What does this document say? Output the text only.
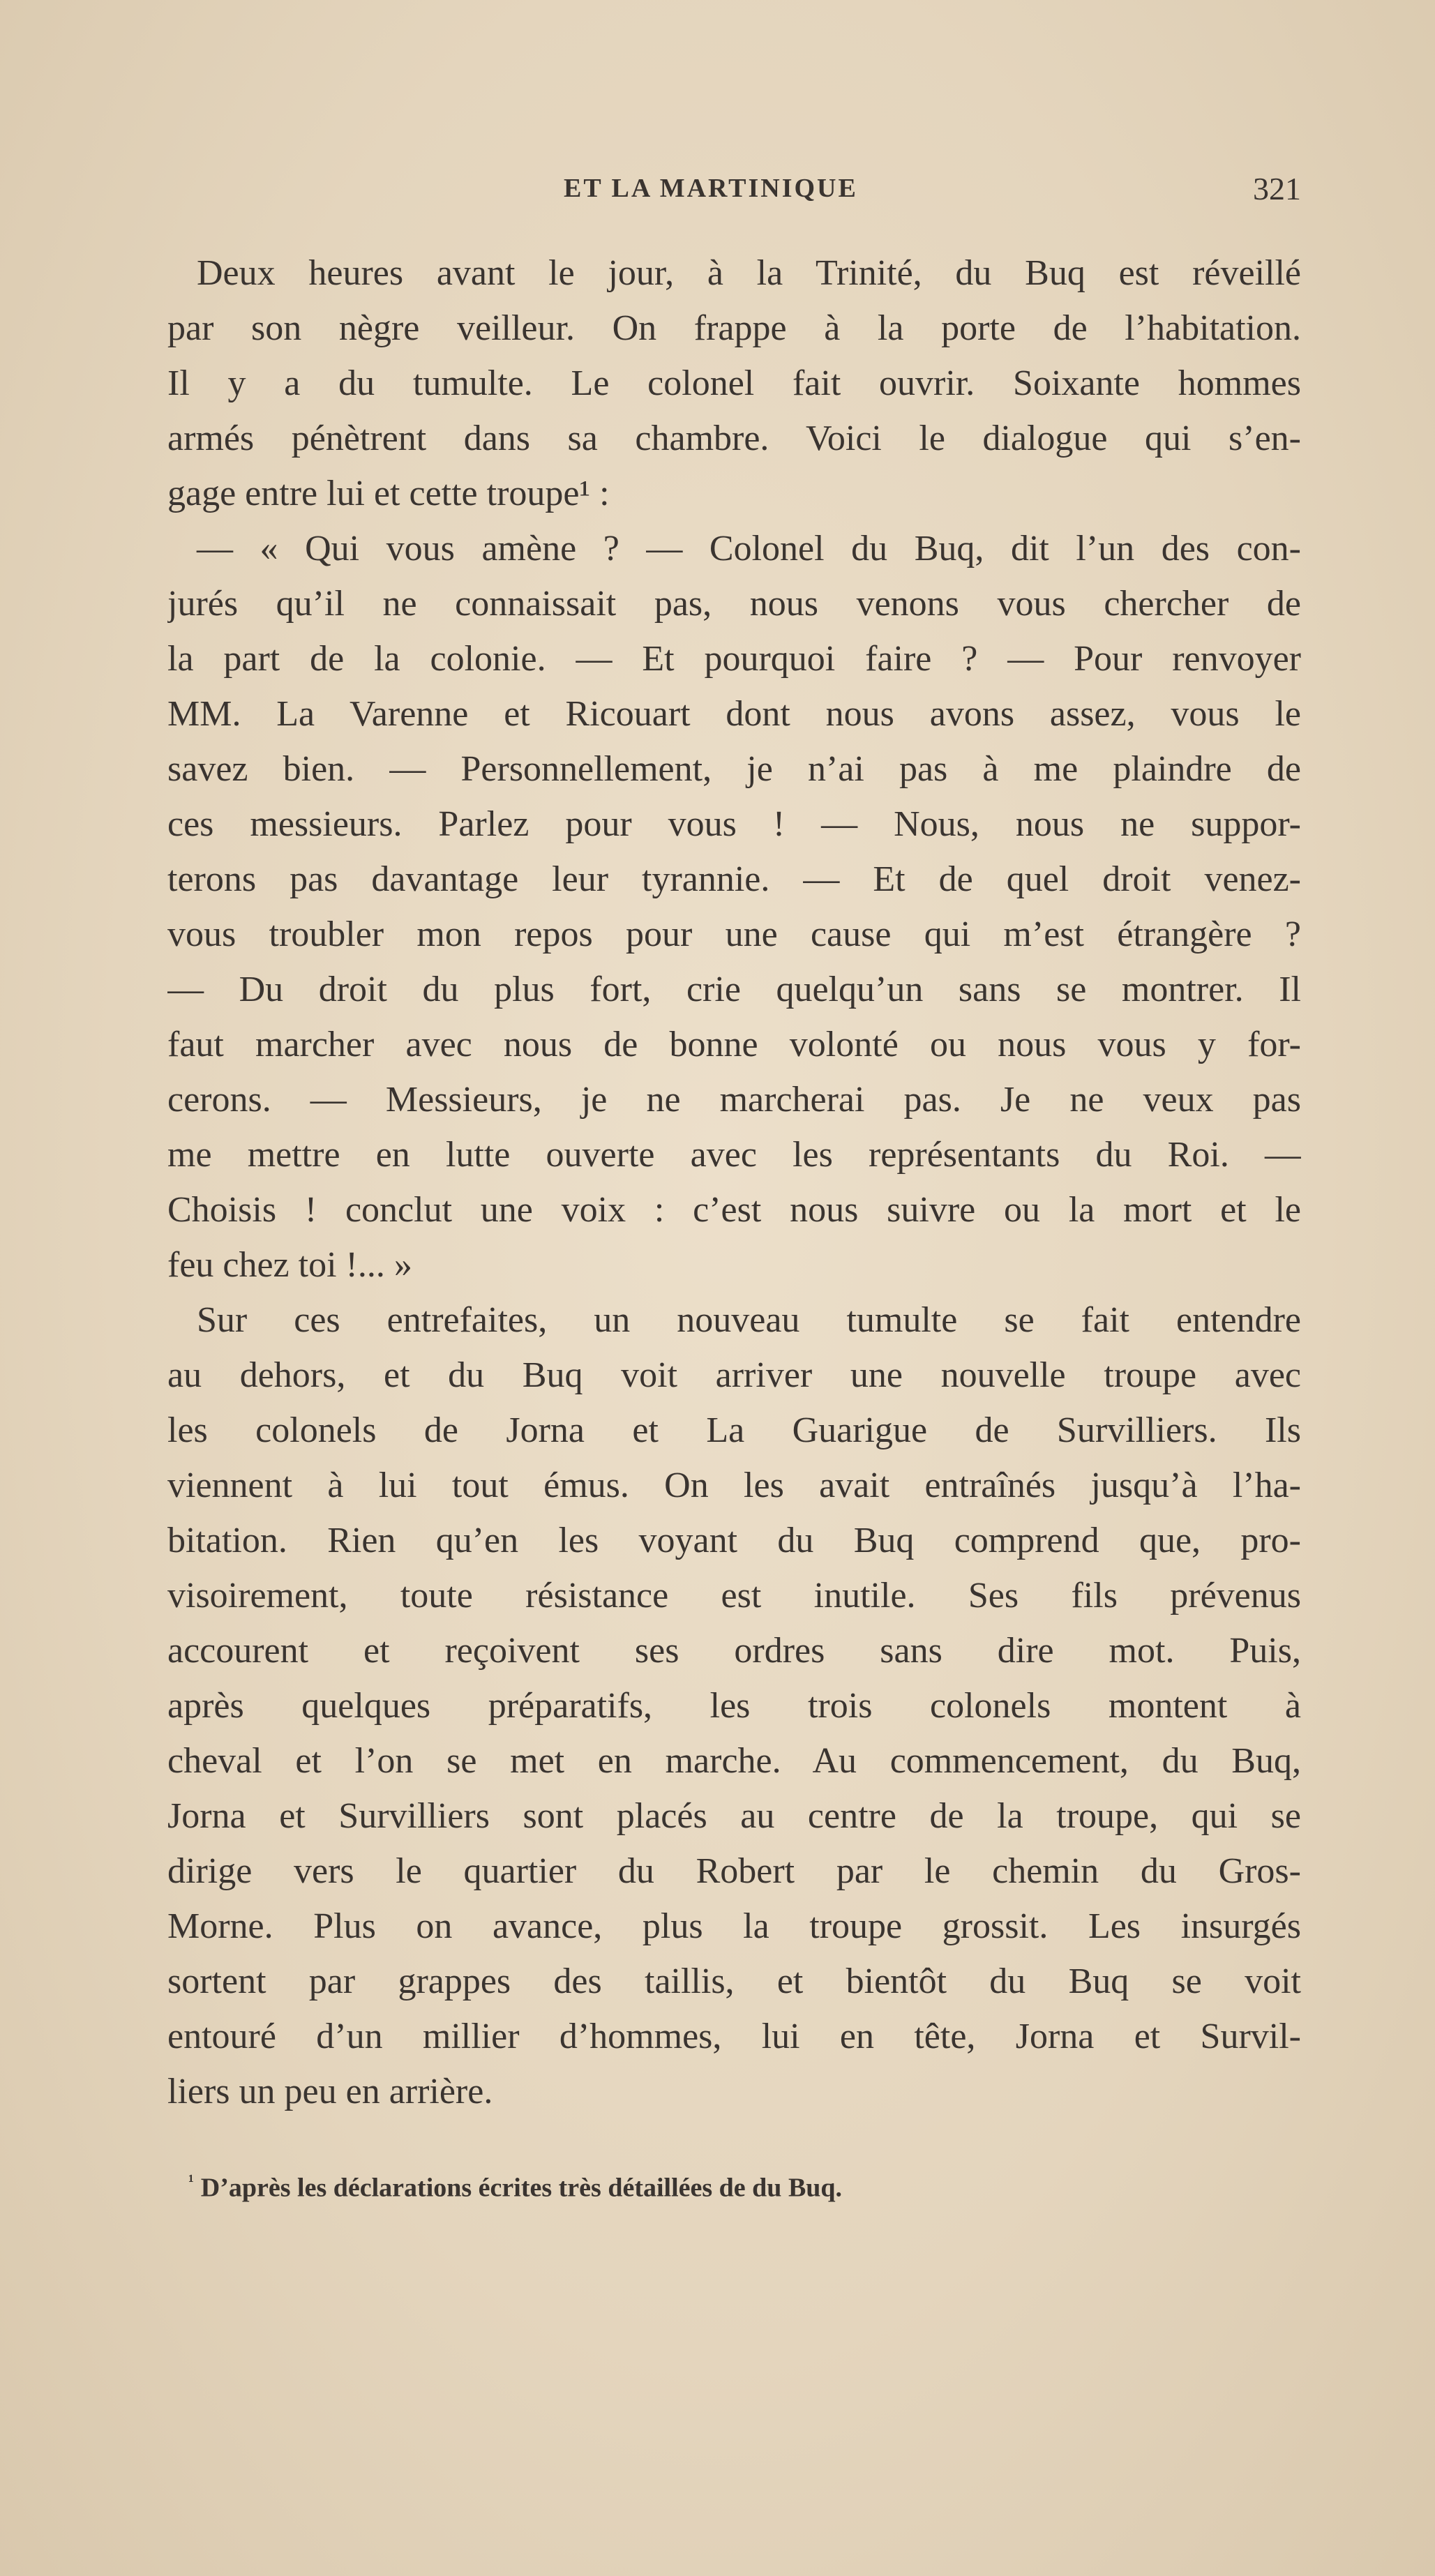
ET LA MARTINIQUE	321
Deux heures avant le jour, à la Trinité, du Buq est réveillé
par son nègre veilleur. On frappe à la porte de l’habitation.
Il y a du tumulte. Le colonel fait ouvrir. Soixante hommes
armés pénètrent dans sa chambre. Voici le dialogue qui s’en-
gage entre lui et cette troupe¹ :
— « Qui vous amène ? — Colonel du Buq, dit l’un des con-
jurés qu’il ne connaissait pas, nous venons vous chercher de
la part de la colonie. — Et pourquoi faire ? — Pour renvoyer
MM. La Varenne et Ricouart dont nous avons assez, vous le
savez bien. — Personnellement, je n’ai pas à me plaindre de
ces messieurs. Parlez pour vous ! — Nous, nous ne suppor-
terons pas davantage leur tyrannie. — Et de quel droit venez-
vous troubler mon repos pour une cause qui m’est étrangère ?
— Du droit du plus fort, crie quelqu’un sans se montrer. Il
faut marcher avec nous de bonne volonté ou nous vous y for-
cerons. — Messieurs, je ne marcherai pas. Je ne veux pas
me mettre en lutte ouverte avec les représentants du Roi. —
Choisis ! conclut une voix : c’est nous suivre ou la mort et le
feu chez toi !... »
Sur ces entrefaites, un nouveau tumulte se fait entendre
au dehors, et du Buq voit arriver une nouvelle troupe avec
les colonels de Jorna et La Guarigue de Survilliers. Ils
viennent à lui tout émus. On les avait entraînés jusqu’à l’ha-
bitation. Rien qu’en les voyant du Buq comprend que, pro-
visoirement, toute résistance est inutile. Ses fils prévenus
accourent et reçoivent ses ordres sans dire mot. Puis,
après quelques préparatifs, les trois colonels montent à
cheval et l’on se met en marche. Au commencement, du Buq,
Jorna et Survilliers sont placés au centre de la troupe, qui se
dirige vers le quartier du Robert par le chemin du Gros-
Morne. Plus on avance, plus la troupe grossit. Les insurgés
sortent par grappes des taillis, et bientôt du Buq se voit
entouré d’un millier d’hommes, lui en tête, Jorna et Survil-
liers un peu en arrière.
$^{^1}$ D’après les déclarations écrites très détaillées de du Buq.
